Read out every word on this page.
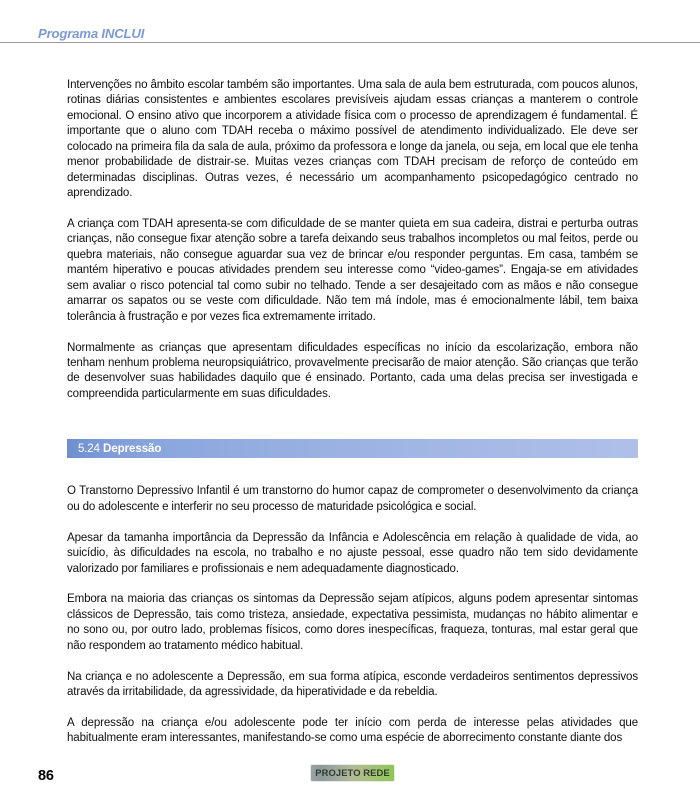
Programa INCLUI

Intervenções no âmbito escolar também são importantes. Uma sala de aula bem estruturada, com poucos alunos, rotinas diárias consistentes e ambientes escolares previsíveis ajudam essas crianças a manterem o controle emocional. O ensino ativo que incorporem a atividade física com o processo de aprendizagem é fundamental. É importante que o aluno com TDAH receba o máximo possível de atendimento individualizado. Ele deve ser colocado na primeira fila da sala de aula, próximo da professora e longe da janela, ou seja, em local que ele tenha menor probabilidade de distrair-se. Muitas vezes crianças com TDAH precisam de reforço de conteúdo em determinadas disciplinas. Outras vezes, é necessário um acompanhamento psicopedagógico centrado no aprendizado.

A criança com TDAH apresenta-se com dificuldade de se manter quieta em sua cadeira, distrai e perturba outras crianças, não consegue fixar atenção sobre a tarefa deixando seus trabalhos incompletos ou mal feitos, perde ou quebra materiais, não consegue aguardar sua vez de brincar e/ou responder perguntas. Em casa, também se mantém hiperativo e poucas atividades prendem seu interesse como “video-games”. Engaja-se em atividades sem avaliar o risco potencial tal como subir no telhado. Tende a ser desajeitado com as mãos e não consegue amarrar os sapatos ou se veste com dificuldade. Não tem má índole, mas é emocionalmente lábil, tem baixa tolerância à frustração e por vezes fica extremamente irritado.

Normalmente as crianças que apresentam dificuldades específicas no início da escolarização, embora não tenham nenhum problema neuropsiquiátrico, provavelmente precisarão de maior atenção. São crianças que terão de desenvolver suas habilidades daquilo que é ensinado. Portanto, cada uma delas precisa ser investigada e compreendida particularmente em suas dificuldades.

5.24 Depressão

O Transtorno Depressivo Infantil é um transtorno do humor capaz de comprometer o desenvolvimento da criança ou do adolescente e interferir no seu processo de maturidade psicológica e social.

Apesar da tamanha importância da Depressão da Infância e Adolescência em relação à qualidade de vida, ao suicídio, às dificuldades na escola, no trabalho e no ajuste pessoal, esse quadro não tem sido devidamente valorizado por familiares e profissionais e nem adequadamente diagnosticado.

Embora na maioria das crianças os sintomas da Depressão sejam atípicos, alguns podem apresentar sintomas clássicos de Depressão, tais como tristeza, ansiedade, expectativa pessimista, mudanças no hábito alimentar e no sono ou, por outro lado, problemas físicos, como dores inespecíficas, fraqueza, tonturas, mal estar geral que não respondem ao tratamento médico habitual.

Na criança e no adolescente a Depressão, em sua forma atípica, esconde verdadeiros sentimentos depressivos através da irritabilidade, da agressividade, da hiperatividade e da rebeldia.

A depressão na criança e/ou adolescente pode ter início com perda de interesse pelas atividades que habitualmente eram interessantes, manifestando-se como uma espécie de aborrecimento constante diante dos

86	PROJETO REDE
